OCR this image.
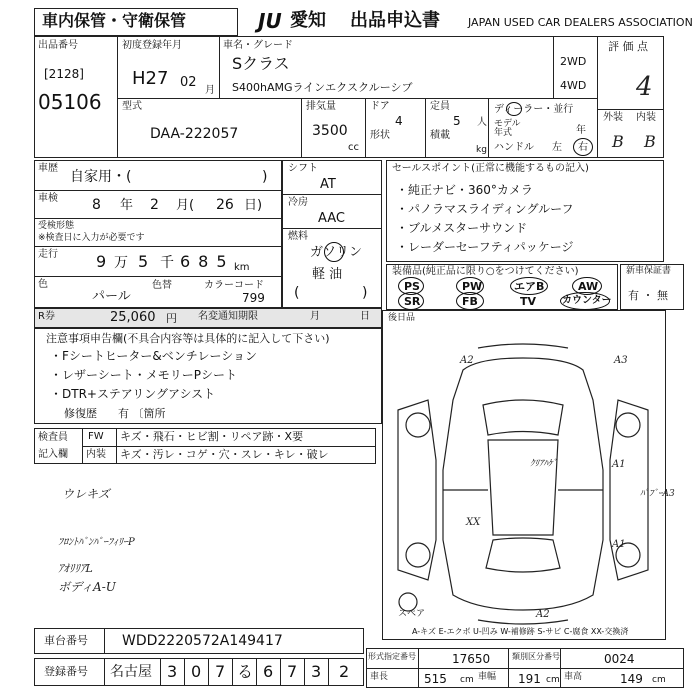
車内保管・守衛保管	JU 愛知 出品申込書	JAPAN USED CAR DEALERS ASSOCIATION
出品番号
[2128]
05106
初度登録年月
H27 02
月
車名・グレード
Sクラス
S400hAMGラインエクスクルーシブ
2WD
4WD
評 価 点
4
外装 内装
B B
型式
DAA-222057
排気量
3500
cc
ドア
4
形状
定員
5 人
積載
kg
ディーラー・並行
モデル年式	年
ハンドル 左 右
車歴
自家用・(	)
車検 8 年 2 月( 26 日)
受検形態
※検査日に入力が必要です
走行 9 万 5 千 685 km
色
パール
色替	カラーコード
799
シフト
AT
冷房
AAC
燃料
ガソリン
軽 油
(	)
セールスポイント(正常に機能するもの記入)
・純正ナビ・360°カメラ
・パノラマスライディングルーフ
・ブルメスターサウンド
・レーダーセーフティパッケージ
装備品(純正品に限り○をつけてください)
PS	PW	エアB	AW
SR	FB	TV	カウンター
新車保証書
有 ・ 無
R券	25,060 円 名変通知期限	月	日
注意事項申告欄(不具合内容等は具体的に記入して下さい)
・Fシートヒーター&ベンチレーション
・レザーシート・メモリーPシート
・DTR+ステアリングアシスト
修復歴 有 〔箇所
検査員
記入欄
FW キズ・飛石・ヒビ割・リペア跡・X要
内装 キズ・汚レ・コゲ・穴・スレ・キレ・破レ
ウレキズ
ﾌﾛﾝﾄﾊﾞﾝﾊﾟｰﾌｨﾘｰP
ｱｵﾘﾘｱL
ボディA-U
後日品
A2	A3
A1
ｸﾘｱﾊｹﾞ
ﾊﾟﾌﾞｰA3
XX
A1
スペア	A2
A-キズ E-エクボ U-凹み W-補修跡 S-サビ C-腐食 XX-交換済
車台番号 WDD2220572A149417
登録番号 名古屋 3 0 7 る 6 7 3 2
形式指定番号	17650	類別区分番号	0024
車長	515 cm 車幅 191 cm 車高	149 cm
